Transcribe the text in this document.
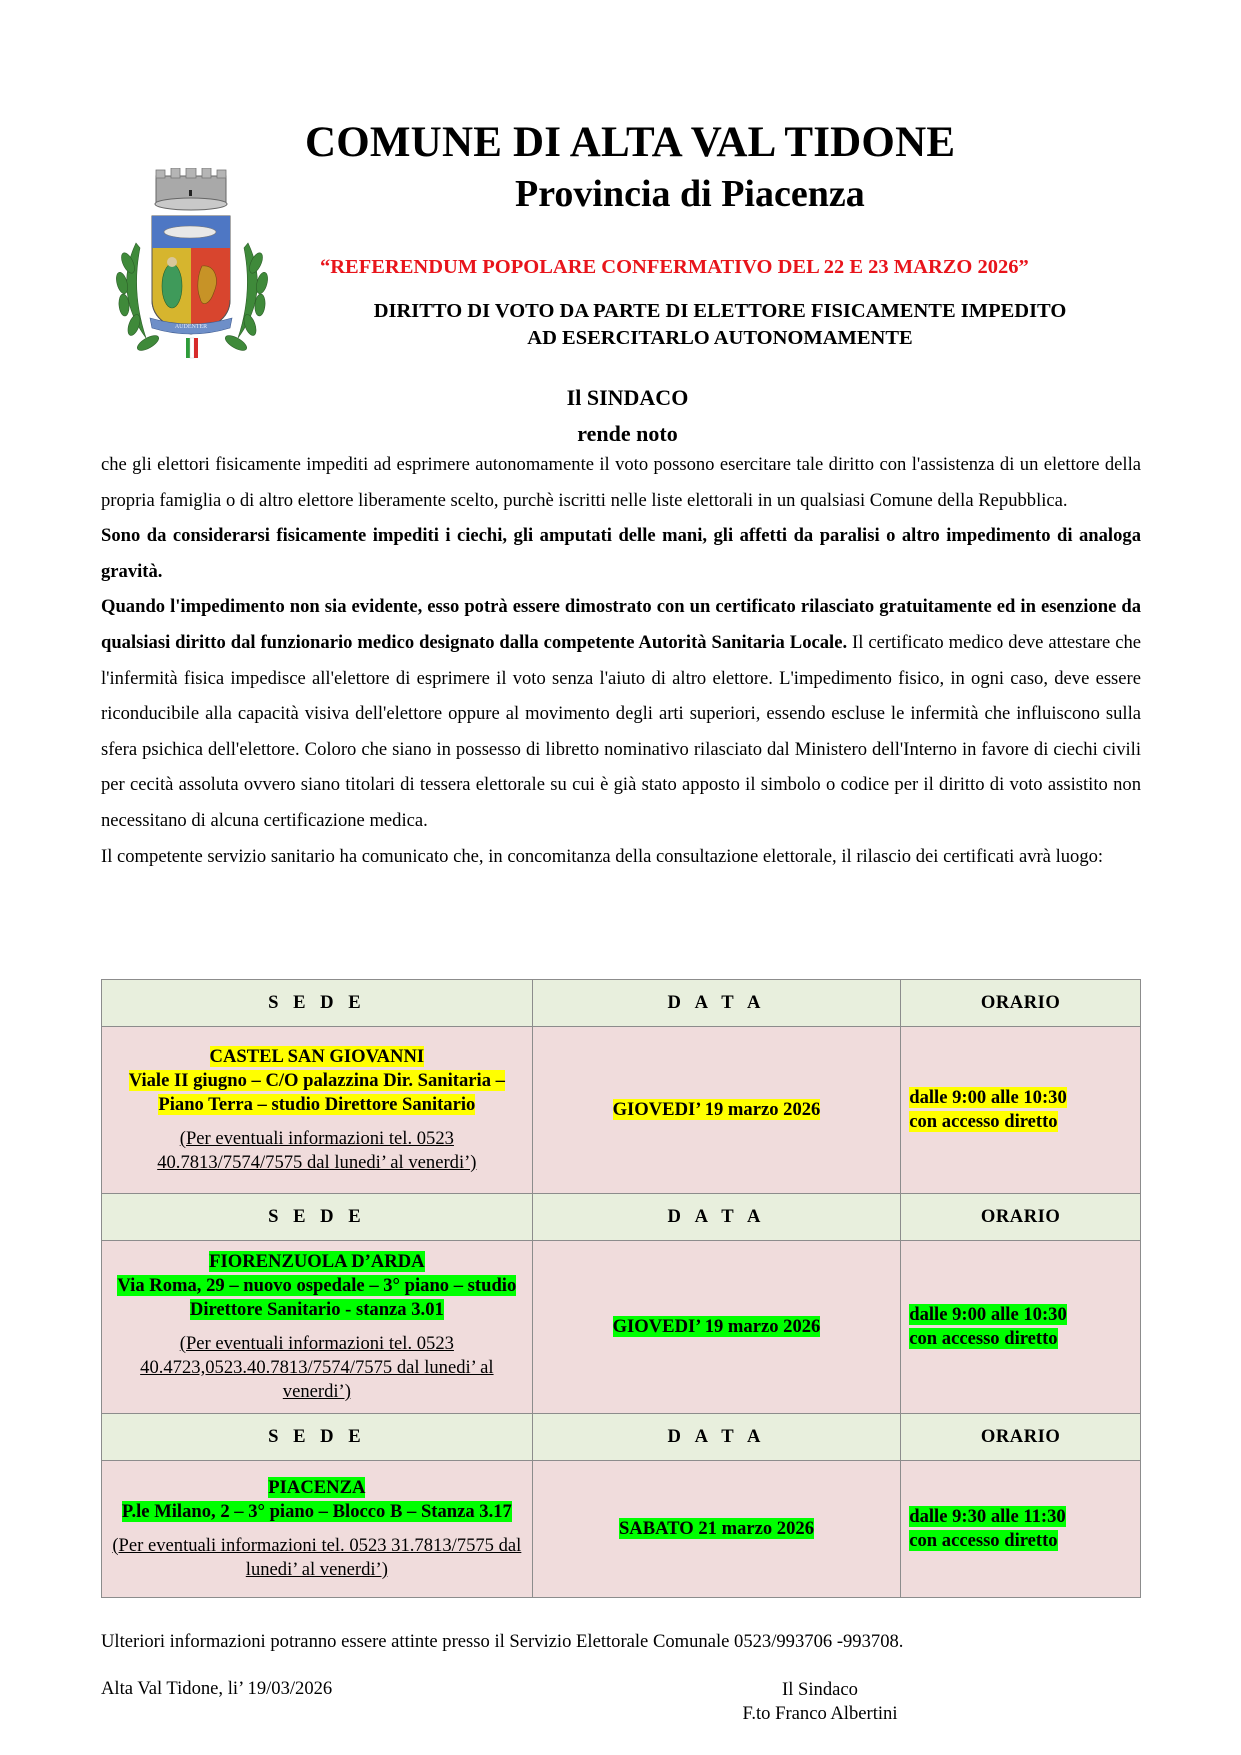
AUDENTER
COMUNE DI ALTA VAL TIDONE
Provincia di Piacenza
“REFERENDUM POPOLARE CONFERMATIVO DEL 22 E 23 MARZO 2026”
DIRITTO DI VOTO DA PARTE DI ELETTORE FISICAMENTE IMPEDITO
AD ESERCITARLO AUTONOMAMENTE
Il SINDACO
rende noto

che gli elettori fisicamente impediti ad esprimere autonomamente il voto possono esercitare tale diritto con l'assistenza di un elettore della propria famiglia o di altro elettore liberamente scelto, purchè iscritti nelle liste elettorali in un qualsiasi Comune della Repubblica.

Sono da considerarsi fisicamente impediti i ciechi, gli amputati delle mani, gli affetti da paralisi o altro impedimento di analoga gravità.

Quando l'impedimento non sia evidente, esso potrà essere dimostrato con un certificato rilasciato gratuitamente ed in esenzione da qualsiasi diritto dal funzionario medico designato dalla competente Autorità Sanitaria Locale. Il certificato medico deve attestare che l'infermità fisica impedisce all'elettore di esprimere il voto senza l'aiuto di altro elettore. L'impedimento fisico, in ogni caso, deve essere riconducibile alla capacità visiva dell'elettore oppure al movimento degli arti superiori, essendo escluse le infermità che influiscono sulla sfera psichica dell'elettore. Coloro che siano in possesso di libretto nominativo rilasciato dal Ministero dell'Interno in favore di ciechi civili per cecità assoluta ovvero siano titolari di tessera elettorale su cui è già stato apposto il simbolo o codice per il diritto di voto assistito non necessitano di alcuna certificazione medica.

Il competente servizio sanitario ha comunicato che, in concomitanza della consultazione elettorale, il rilascio dei certificati avrà luogo:

S E D E	D A T A	ORARIO
CASTEL SAN GIOVANNI
Viale II giugno – C/O palazzina Dir. Sanitaria – Piano Terra – studio Direttore Sanitario
(Per eventuali informazioni tel. 0523 40.7813/7574/7575 dal lunedi’ al venerdi’)	GIOVEDI’ 19 marzo 2026	dalle 9:00 alle 10:30
con accesso diretto
S E D E	D A T A	ORARIO
FIORENZUOLA D’ARDA
Via Roma, 29 – nuovo ospedale – 3° piano – studio Direttore Sanitario - stanza 3.01
(Per eventuali informazioni tel. 0523 40.4723,0523.40.7813/7574/7575 dal lunedi’ al venerdi’)	GIOVEDI’ 19 marzo 2026	dalle 9:00 alle 10:30
con accesso diretto
S E D E	D A T A	ORARIO
PIACENZA
P.le Milano, 2 – 3° piano – Blocco B – Stanza 3.17
(Per eventuali informazioni tel. 0523 31.7813/7575 dal lunedi’ al venerdi’)	SABATO 21 marzo 2026	dalle 9:30 alle 11:30
con accesso diretto
Ulteriori informazioni potranno essere attinte presso il Servizio Elettorale Comunale 0523/993706 -993708.
Alta Val Tidone, li’ 19/03/2026	Il Sindaco
F.to Franco Albertini
